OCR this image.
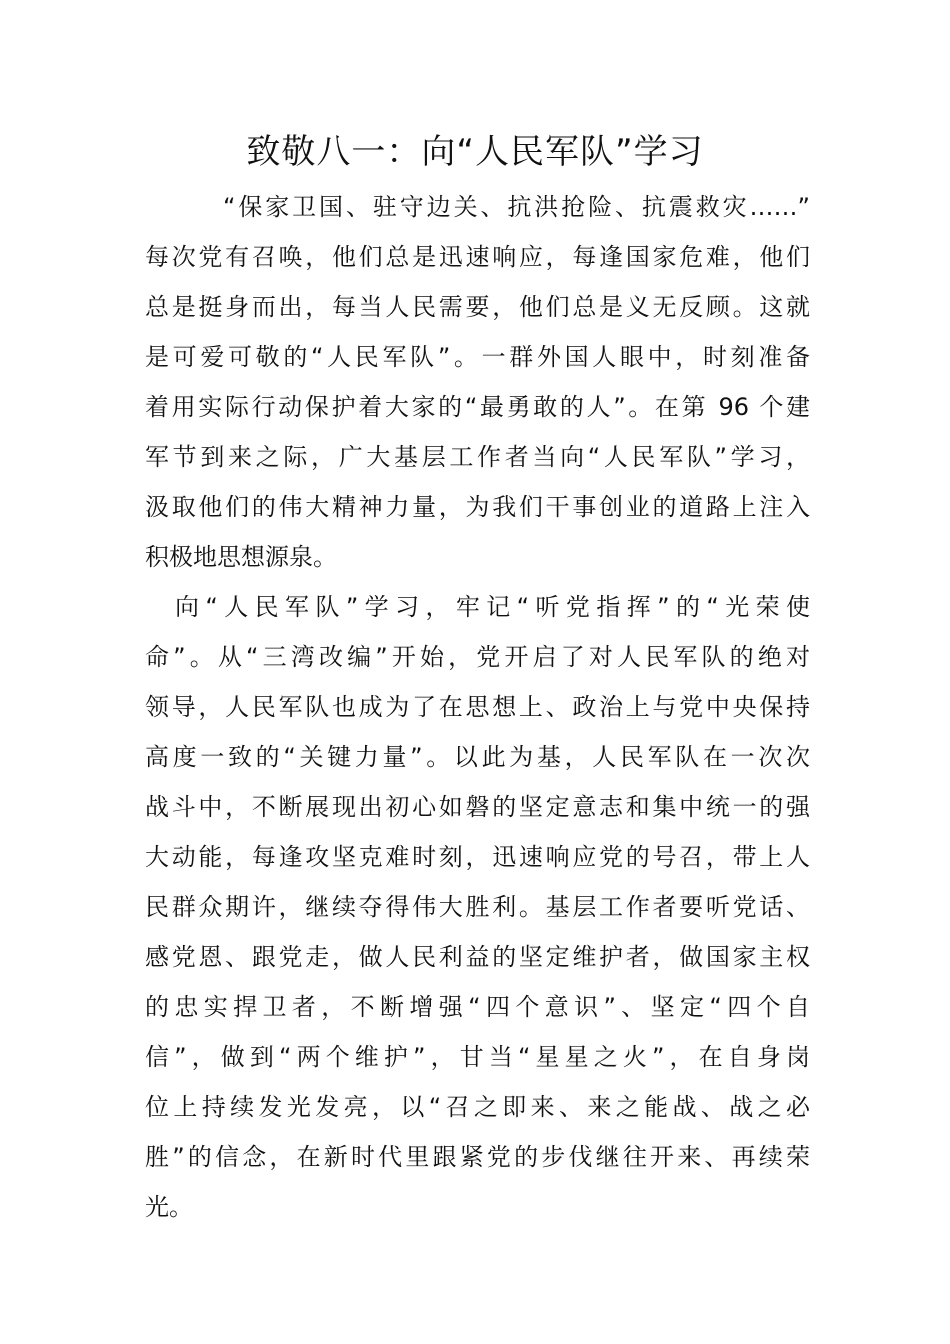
致敬八一：向“人民军队”学习
“保家卫国、驻守边关、抗洪抢险、抗震救灾……”
每次党有召唤，他们总是迅速响应，每逢国家危难，他们
总是挺身而出，每当人民需要，他们总是义无反顾。这就
是可爱可敬的“人民军队”。一群外国人眼中，时刻准备
着用实际行动保护着大家的“最勇敢的人”。在第 96 个建
军节到来之际，广大基层工作者当向“人民军队”学习，
汲取他们的伟大精神力量，为我们干事创业的道路上注入
积极地思想源泉。
向“人民军队”学习，牢记“听党指挥”的“光荣使
命”。从“三湾改编”开始，党开启了对人民军队的绝对
领导，人民军队也成为了在思想上、政治上与党中央保持
高度一致的“关键力量”。以此为基，人民军队在一次次
战斗中，不断展现出初心如磐的坚定意志和集中统一的强
大动能，每逢攻坚克难时刻，迅速响应党的号召，带上人
民群众期许，继续夺得伟大胜利。基层工作者要听党话、
感党恩、跟党走，做人民利益的坚定维护者，做国家主权
的忠实捍卫者，不断增强“四个意识”、坚定“四个自
信”，做到“两个维护”，甘当“星星之火”，在自身岗
位上持续发光发亮，以“召之即来、来之能战、战之必
胜”的信念，在新时代里跟紧党的步伐继往开来、再续荣
光。
